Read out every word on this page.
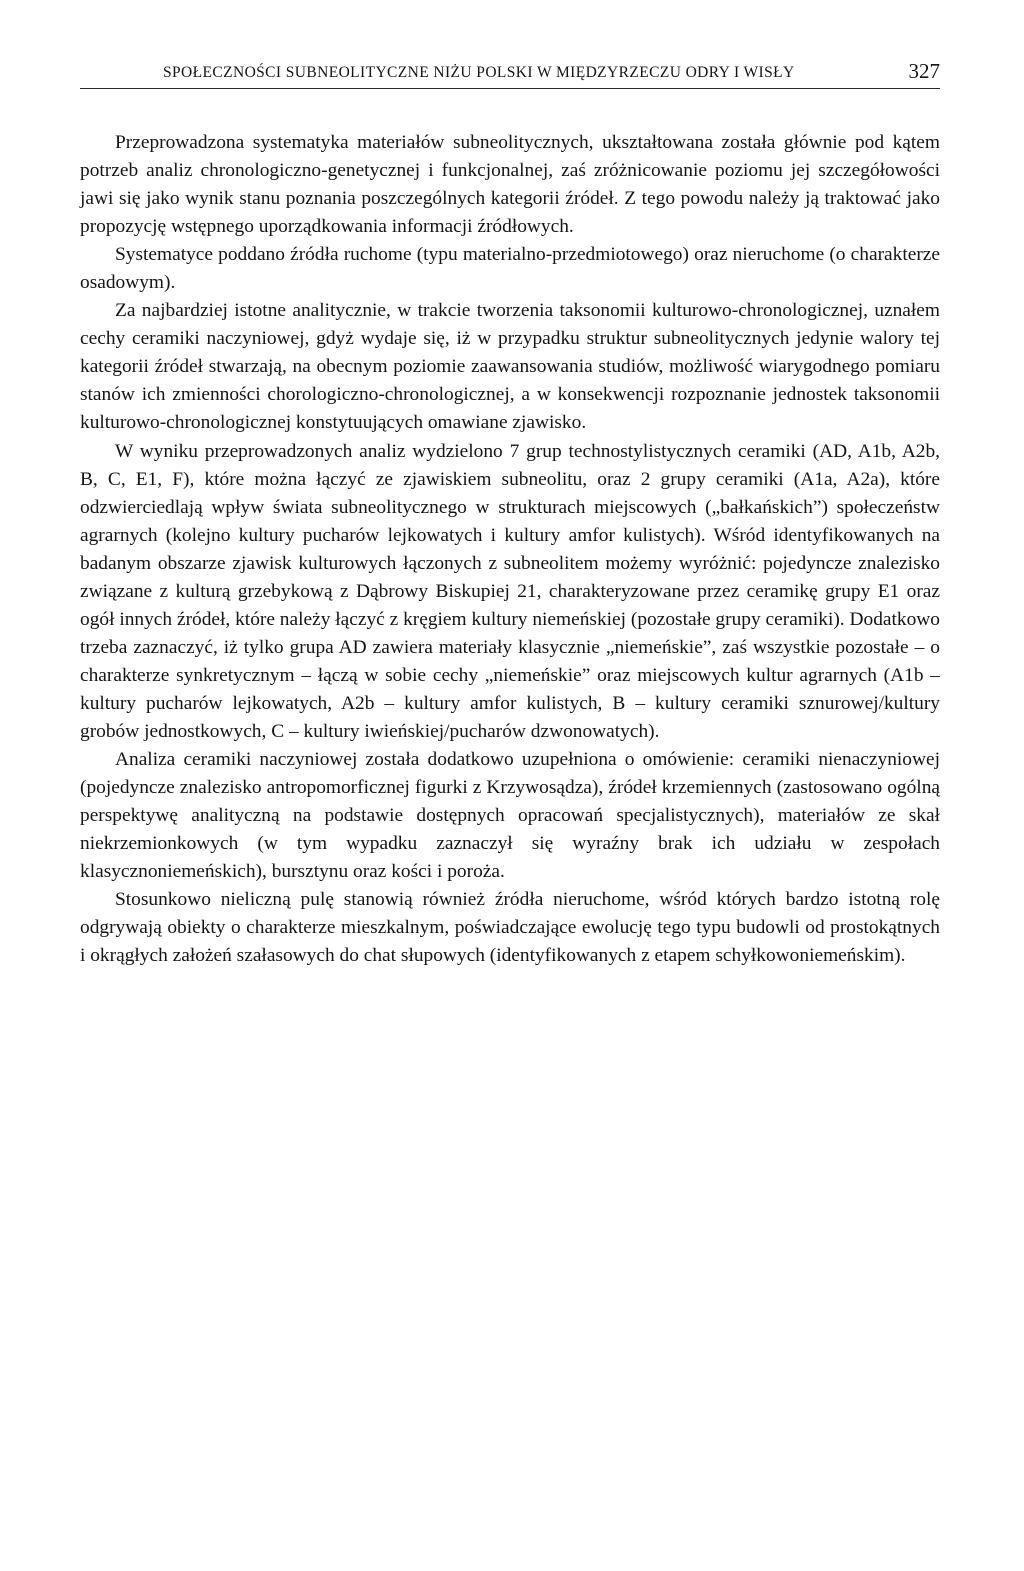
SPOŁECZNOŚCI SUBNEOLITYCZNE NIŻU POLSKI W MIĘDZYRZECZU ODRY I WISŁY	327

Przeprowadzona systematyka materiałów subneolitycznych, ukształtowana została głównie pod kątem potrzeb analiz chronologiczno-genetycznej i funkcjonalnej, zaś zróżnicowanie poziomu jej szczegółowości jawi się jako wynik stanu poznania poszczególnych kategorii źródeł. Z tego powodu należy ją traktować jako propozycję wstępnego uporządkowania informacji źródłowych.

Systematyce poddano źródła ruchome (typu materialno-przedmiotowego) oraz nieruchome (o charakterze osadowym).

Za najbardziej istotne analitycznie, w trakcie tworzenia taksonomii kulturowo-chronologicznej, uznałem cechy ceramiki naczyniowej, gdyż wydaje się, iż w przypadku struktur subneolitycznych jedynie walory tej kategorii źródeł stwarzają, na obecnym poziomie zaawansowania studiów, możliwość wiarygodnego pomiaru stanów ich zmienności chorologiczno-chronologicznej, a w konsekwencji rozpoznanie jednostek taksonomii kulturowo-chronologicznej konstytuujących omawiane zjawisko.

W wyniku przeprowadzonych analiz wydzielono 7 grup technostylistycznych ceramiki (AD, A1b, A2b, B, C, E1, F), które można łączyć ze zjawiskiem subneolitu, oraz 2 grupy ceramiki (A1a, A2a), które odzwierciedlają wpływ świata subneolitycznego w strukturach miejscowych („bałkańskich”) społeczeństw agrarnych (kolejno kultury pucharów lejkowatych i kultury amfor kulistych). Wśród identyfikowanych na badanym obszarze zjawisk kulturowych łączonych z subneolitem możemy wyróżnić: pojedyncze znalezisko związane z kulturą grzebykową z Dąbrowy Biskupiej 21, charakteryzowane przez ceramikę grupy E1 oraz ogół innych źródeł, które należy łączyć z kręgiem kultury niemeńskiej (pozostałe grupy ceramiki). Dodatkowo trzeba zaznaczyć, iż tylko grupa AD zawiera materiały klasycznie „niemeńskie”, zaś wszystkie pozostałe – o charakterze synkretycznym – łączą w sobie cechy „niemeńskie” oraz miejscowych kultur agrarnych (A1b – kultury pucharów lejkowatych, A2b – kultury amfor kulistych, B – kultury ceramiki sznurowej/kultury grobów jednostkowych, C – kultury iwieńskiej/pucharów dzwonowatych).

Analiza ceramiki naczyniowej została dodatkowo uzupełniona o omówienie: ceramiki nienaczyniowej (pojedyncze znalezisko antropomorficznej figurki z Krzywosądza), źródeł krzemiennych (zastosowano ogólną perspektywę analityczną na podstawie dostępnych opracowań specjalistycznych), materiałów ze skał niekrzemionkowych (w tym wypadku zaznaczył się wyraźny brak ich udziału w zespołach klasycznoniemeńskich), bursztynu oraz kości i poroża.

Stosunkowo nieliczną pulę stanowią również źródła nieruchome, wśród których bardzo istotną rolę odgrywają obiekty o charakterze mieszkalnym, poświadczające ewolucję tego typu budowli od prostokątnych i okrągłych założeń szałasowych do chat słupowych (identyfikowanych z etapem schyłkowoniemeńskim).
